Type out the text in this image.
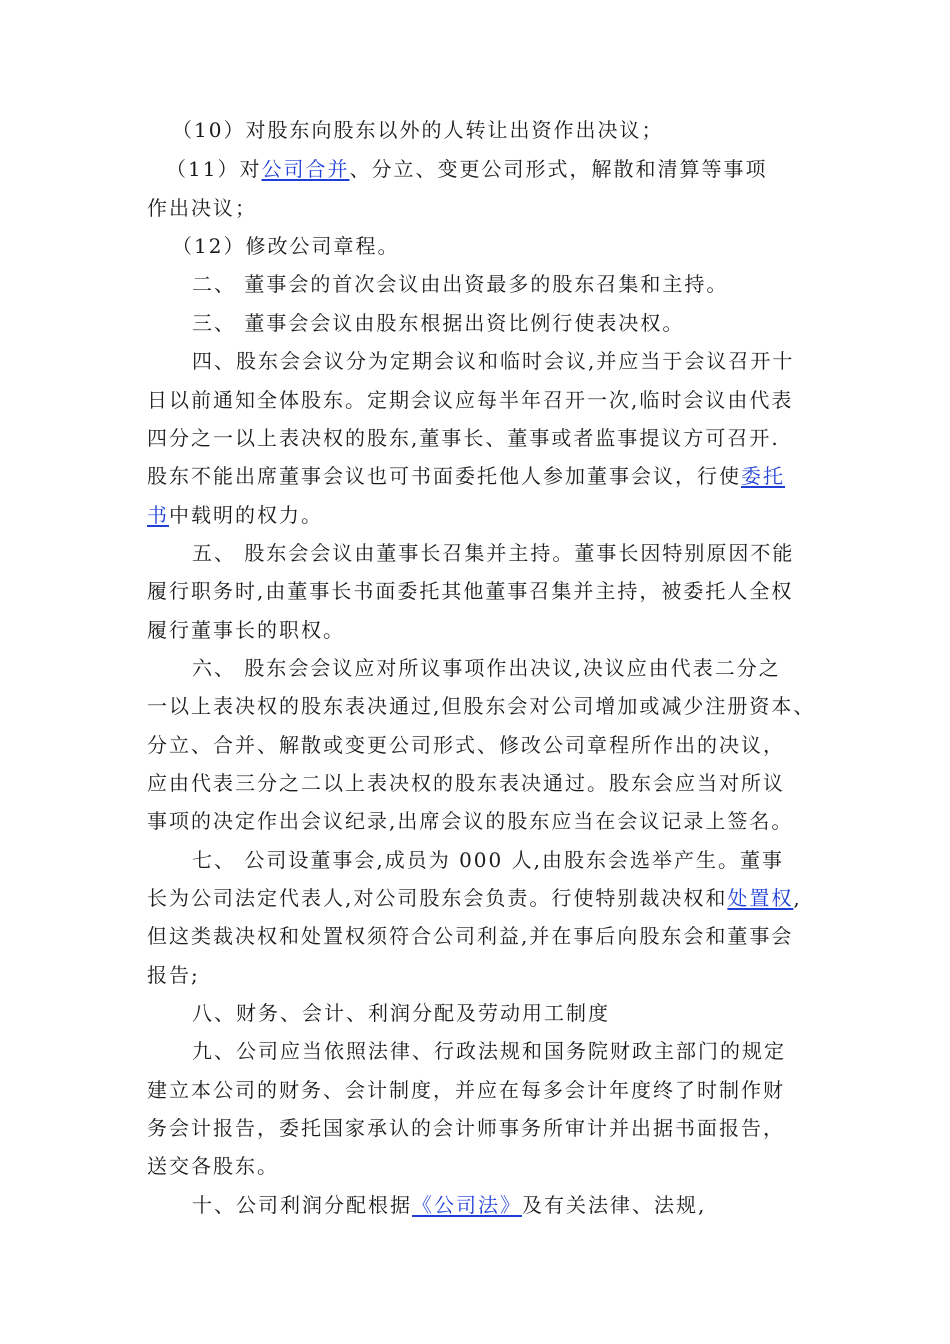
（10）对股东向股东以外的人转让出资作出决议；
（11）对公司合并、分立、变更公司形式，解散和清算等事项
作出决议；
（12）修改公司章程。
二、 董事会的首次会议由出资最多的股东召集和主持。
三、 董事会会议由股东根据出资比例行使表决权。
四、股东会会议分为定期会议和临时会议,并应当于会议召开十
日以前通知全体股东。定期会议应每半年召开一次,临时会议由代表
四分之一以上表决权的股东,董事长、董事或者监事提议方可召开.
股东不能出席董事会议也可书面委托他人参加董事会议，行使委托
书中载明的权力。
五、 股东会会议由董事长召集并主持。董事长因特别原因不能
履行职务时,由董事长书面委托其他董事召集并主持，被委托人全权
履行董事长的职权。
六、 股东会会议应对所议事项作出决议,决议应由代表二分之
一以上表决权的股东表决通过,但股东会对公司增加或减少注册资本、
分立、合并、解散或变更公司形式、修改公司章程所作出的决议，
应由代表三分之二以上表决权的股东表决通过。股东会应当对所议
事项的决定作出会议纪录,出席会议的股东应当在会议记录上签名。
七、 公司设董事会,成员为 000 人,由股东会选举产生。董事
长为公司法定代表人,对公司股东会负责。行使特别裁决权和处置权,
但这类裁决权和处置权须符合公司利益,并在事后向股东会和董事会
报告;
八、财务、会计、利润分配及劳动用工制度
九、公司应当依照法律、行政法规和国务院财政主部门的规定
建立本公司的财务、会计制度，并应在每多会计年度终了时制作财
务会计报告，委托国家承认的会计师事务所审计并出据书面报告，
送交各股东。
十、公司利润分配根据《公司法》及有关法律、法规,
